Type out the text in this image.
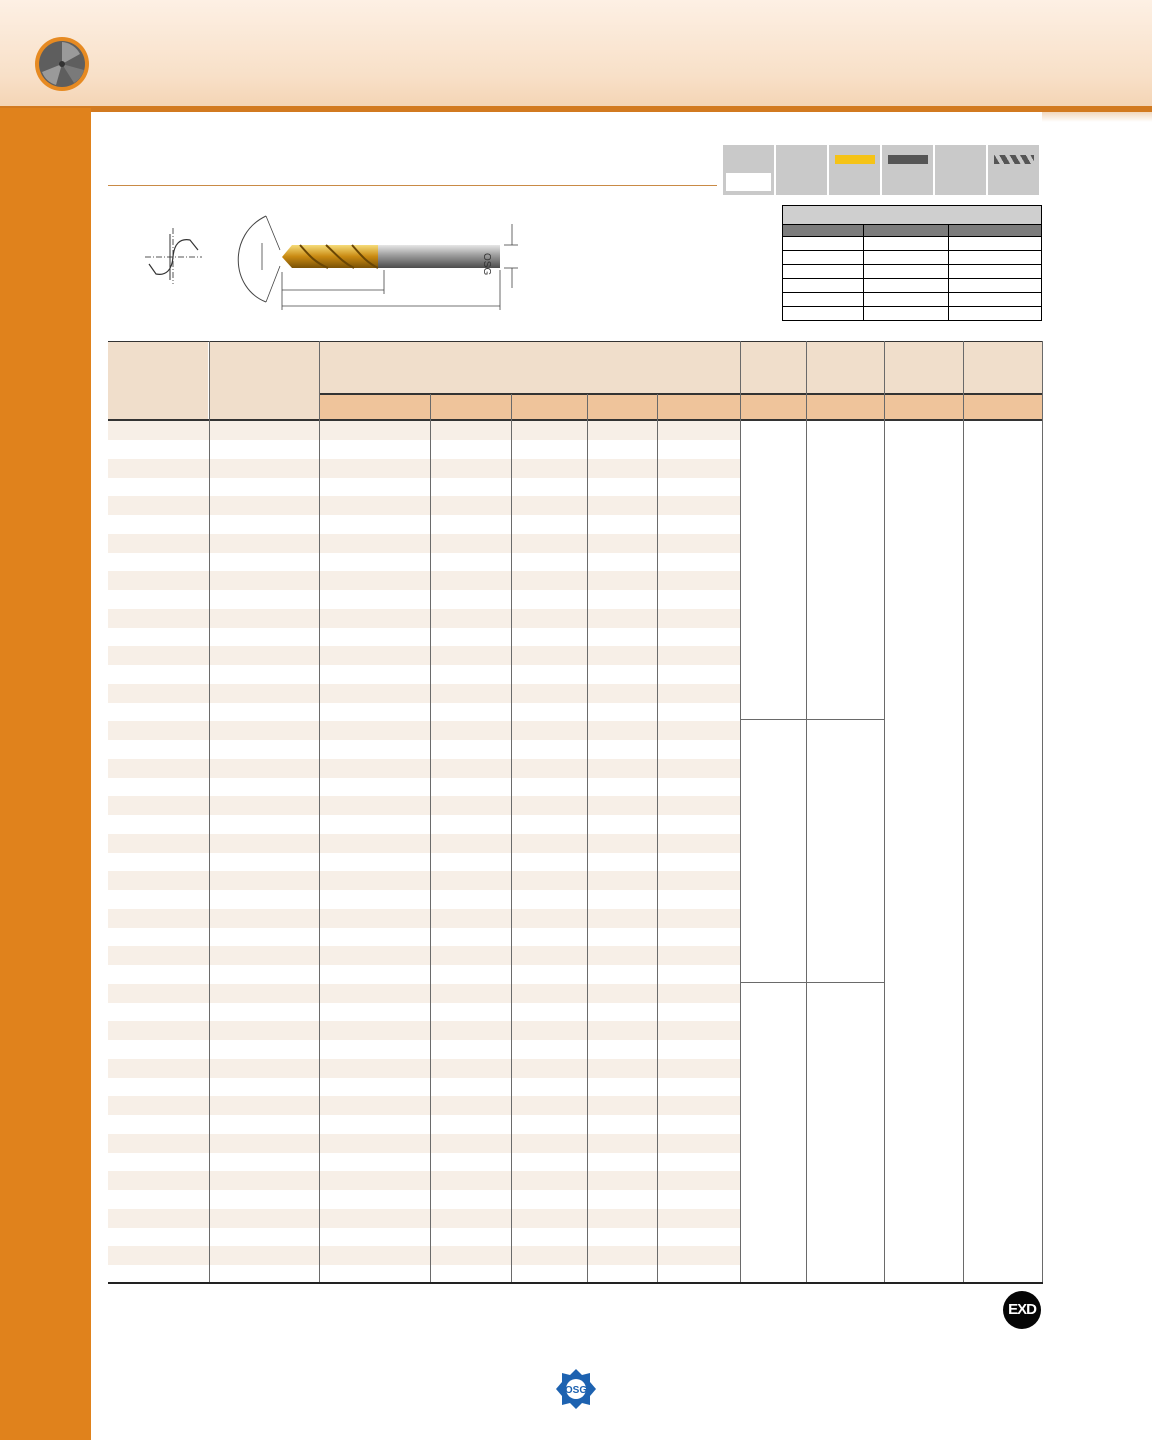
OSG

EXD
OSG
